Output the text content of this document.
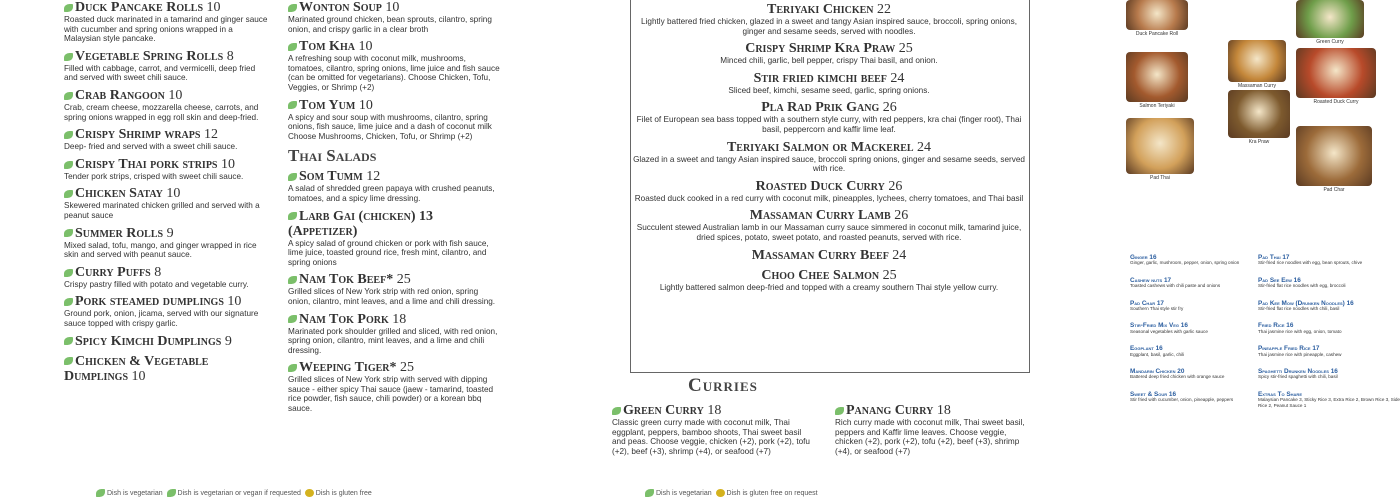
Duck Pancake Rolls 10
Roasted duck marinated in a tamarind and ginger sauce with cucumber and spring onions wrapped in a Malaysian style pancake.
Vegetable Spring Rolls 8
Filled with cabbage, carrot, and vermicelli, deep fried and served with sweet chili sauce.
Crab Rangoon 10
Crab, cream cheese, mozzarella cheese, carrots, and spring onions wrapped in egg roll skin and deep-fried.
Crispy Shrimp wraps 12
Deep- fried and served with a sweet chili sauce.
Crispy Thai pork strips 10
Tender pork strips, crisped with sweet chili sauce.
Chicken Satay 10
Skewered marinated chicken grilled and served with a peanut sauce
Summer Rolls 9
Mixed salad, tofu, mango, and ginger wrapped in rice skin and served with peanut sauce.
Curry Puffs 8
Crispy pastry filled with potato and vegetable curry.
Pork steamed dumplings 10
Ground pork, onion, jicama, served with our signature sauce topped with crispy garlic.
Spicy Kimchi Dumplings 9
Chicken & Vegetable Dumplings 10
Wonton Soup 10
Marinated ground chicken, bean sprouts, cilantro, spring onion, and crispy garlic in a clear broth
Tom Kha 10
A refreshing soup with coconut milk, mushrooms, tomatoes, cilantro, spring onions, lime juice and fish sauce (can be omitted for vegetarians). Choose Chicken, Tofu, Veggies, or Shrimp (+2)
Tom Yum 10
A spicy and sour soup with mushrooms, cilantro, spring onions, fish sauce, lime juice and a dash of coconut milk Choose Mushrooms, Chicken, Tofu, or Shrimp (+2)
Thai Salads
Som Tumm 12
A salad of shredded green papaya with crushed peanuts, tomatoes, and a spicy lime dressing.
Larb Gai (chicken) 13 (Appetizer)
A spicy salad of ground chicken or pork with fish sauce, lime juice, toasted ground rice, fresh mint, cilantro, and spring onions
Nam Tok Beef* 25
Grilled slices of New York strip with red onion, spring onion, cilantro, mint leaves, and a lime and chili dressing.
Nam Tok Pork 18
Marinated pork shoulder grilled and sliced, with red onion, spring onion, cilantro, mint leaves, and a lime and chili dressing.
Weeping Tiger* 25
Grilled slices of New York strip with served with dipping sauce - either spicy Thai sauce (jaew - tamarind, toasted rice powder, fish sauce, chili powder) or a korean bbq sauce.
Teriyaki Chicken 22
Lightly battered fried chicken, glazed in a sweet and tangy Asian inspired sauce, broccoli, spring onions, ginger and sesame seeds, served with noodles.
Crispy Shrimp Kra Praw 25
Minced chili, garlic, bell pepper, crispy Thai basil, and onion.
Stir fried kimchi beef 24
Sliced beef, kimchi, sesame seed, garlic, spring onions.
Pla Rad Prik Gang 26
Filet of European sea bass topped with a southern style curry, with red peppers, kra chai (finger root), Thai basil, peppercorn and kaffir lime leaf.
Teriyaki Salmon or Mackerel 24
Glazed in a sweet and tangy Asian inspired sauce, broccoli spring onions, ginger and sesame seeds, served with rice.
Roasted Duck Curry 26
Roasted duck cooked in a red curry with coconut milk, pineapples, lychees, cherry tomatoes, and Thai basil
Massaman Curry Lamb 26
Succulent stewed Australian lamb in our Massaman curry sauce simmered in coconut milk, tamarind juice, dried spices, potato, sweet potato, and roasted peanuts, served with rice.
Massaman Curry Beef 24
Choo Chee Salmon 25
Lightly battered salmon deep-fried and topped with a creamy southern Thai style yellow curry.
Curries
Green Curry 18
Classic green curry made with coconut milk, Thai eggplant, peppers, bamboo shoots, Thai sweet basil and peas. Choose veggie, chicken (+2), pork (+2), tofu (+2), beef (+3), shrimp (+4), or seafood (+7)
Panang Curry 18
Rich curry made with coconut milk, Thai sweet basil, peppers and Kaffir lime leaves. Choose veggie, chicken (+2), pork (+2), tofu (+2), beef (+3), shrimp (+4), or seafood (+7)
Duck Pancake Roll
Green Curry
Massaman Curry
Salmon Teriyaki
Roasted Duck Curry
Kra Praw
Pad Thai
Pad Char
Ginger 16
Ginger, garlic, mushroom, pepper, onion, spring onion
Cashew nuts 17
Toasted cashews with chili paste and onions
Pad Char 17
Southern Thai style stir fry
Stir-Fried Mix Veg 16
Seasonal vegetables with garlic sauce
Eggplant 16
Eggplant, basil, garlic, chili
Mandarin Chicken 20
Battered deep fried chicken with orange sauce
Sweet & Sour 16
Stir fried with cucumber, onion, pineapple, peppers
Pad Thai 17
Stir-fried rice noodles with egg, bean sprouts, chive
Pad See Eew 16
Stir-fried flat rice noodles with egg, broccoli
Pad Kee Mow (Drunken Noodles) 16
Stir-fried flat rice noodles with chili, basil
Fried Rice 16
Thai jasmine rice with egg, onion, tomato
Pineapple Fried Rice 17
Thai jasmine rice with pineapple, cashew
Spaghetti Drunken Noodles 16
Spicy stir-fried spaghetti with chili, basil
Extras To Share
Malaysian Pancake 3, Sticky Rice 3, Extra Rice 2, Brown Rice 3, Side Rice 2, Peanut Sauce 1
Dish is vegetarian Dish is vegetarian or vegan if requested Dish is gluten free	Dish is vegetarian Dish is gluten free on request
